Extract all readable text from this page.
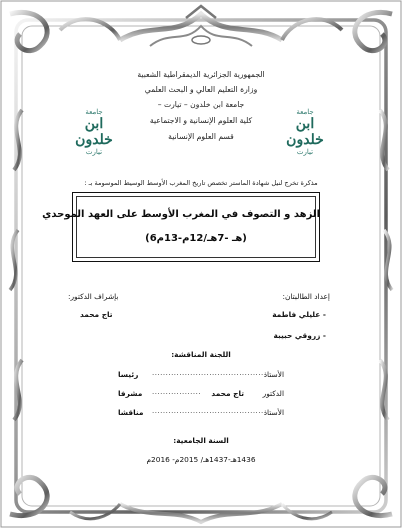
الجمهورية الجزائرية الديمقراطية الشعبية
وزارة التعليم العالي و البحث العلمي
جامعة ابن خلدون – تيارت –
كلية العلوم الإنسانية و الاجتماعية
قسم العلوم الإنسانية
جامعة
ابن خلدون
تيارت
جامعة
ابن خلدون
تيارت
مذكرة تخرج لنيل شهادة الماستر تخصص تاريخ المغرب الأوسط الوسيط الموسومة بـ :
الزهد و التصوف في المغرب الأوسط على العهد الموحدي
(6هـ -7هـ/12م-13م)
إعداد الطالبتان:
- عليلي فاطمة
- زروقي حبيبة
بإشراف الدكتور:
تاج محمد
اللجنة المناقشة:
الأستاذ
..........................................
رئيسا
الدكتور
تاج محمد
..................
مشرفا
الأستاذ
..........................................
مناقشا
السنة الجامعية:
1436هـ-1437هـ/ 2015م- 2016م
